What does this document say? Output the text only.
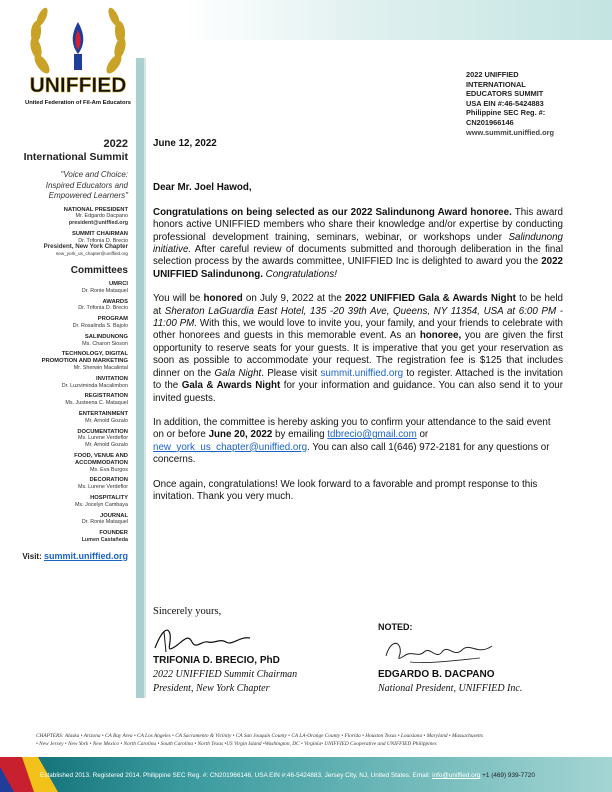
UNIFFIED
United Federation of Fil-Am Educators
2022 UNIFFIED
INTERNATIONAL
EDUCATORS SUMMIT
USA EIN #:46-5424883
Philippine SEC Reg. #:
CN201966146
www.summit.uniffied.org
2022
International Summit
"Voice and Choice:
Inspired Educators and
Empowered Learners"
NATIONAL PRESIDENT
Mr. Edgardo Dacpano
president@uniffied.org
SUMMIT CHAIRMAN
Dr. Trifonia D. Brecio
President, New York Chapter
new_york_us_chapter@uniffied.org
Committees
UMRCI
Dr. Ronie Mataquel
AWARDS
Dr. Trifonia D. Brecio
PROGRAM
Dr. Rosalinda S. Bajolo
SALINDUNONG
Ms. Charon Sioson
TECHNOLOGY, DIGITAL
PROMOTION AND MARKETING
Mr. Sherwin Macalintal
INVITATION
Dr. Luzviminda Macalimbon
REGISTRATION
Ms. Justeena C. Mataquel
ENTERTAINMENT
Mr. Arnold Gozalo
DOCUMENTATION
Ms. Lurene Verdeflor
Mr. Arnold Gozalo
FOOD, VENUE AND
ACCOMMODATION
Ms. Eva Burgos
DECORATION
Ms. Lurene Verdeflor
HOSPITALITY
Ms. Jocelyn Cambaya
JOURNAL
Dr. Ronie Mataquel
FOUNDER
Lumen Castañeda
Visit: summit.uniffied.org

June 12, 2022

Dear Mr. Joel Hawod,

Congratulations on being selected as our 2022 Salindunong Award honoree. This award honors active UNIFFIED members who share their knowledge and/or expertise by conducting professional development training, seminars, webinar, or workshops under Salindunong initiative. After careful review of documents submitted and thorough deliberation in the final selection process by the awards committee, UNIFFIED Inc is delighted to award you the 2022 UNIFFIED Salindunong. Congratulations!

You will be honored on July 9, 2022 at the 2022 UNIFFIED Gala & Awards Night to be held at Sheraton LaGuardia East Hotel, 135 -20 39th Ave, Queens, NY 11354, USA at 6:00 PM - 11:00 PM. With this, we would love to invite you, your family, and your friends to celebrate with other honorees and guests in this memorable event. As an honoree, you are given the first opportunity to reserve seats for your guests. It is imperative that you get your reservation as soon as possible to accommodate your request. The registration fee is $125 that includes dinner on the Gala Night. Please visit summit.uniffied.org to register. Attached is the invitation to the Gala & Awards Night for your information and guidance. You can also send it to your invited guests.

In addition, the committee is hereby asking you to confirm your attendance to the said event on or before June 20, 2022 by emailing tdbrecio@gmail.com or new_york_us_chapter@uniffied.org. You can also call 1(646) 972-2181 for any questions or concerns.

Once again, congratulations! We look forward to a favorable and prompt response to this invitation. Thank you very much.

Sincerely yours,
NOTED:
TRIFONIA D. BRECIO, PhD
2022 UNIFFIED Summit Chairman
President, New York Chapter
EDGARDO B. DACPANO
National President, UNIFFIED Inc.
CHAPTERS: Alaska • Arizona • CA Bay Area • CA Los Angeles • CA Sacramento & Vicinity • CA San Joaquin County • CA LA-Orange County • Florida • Houston Texas • Louisiana • Maryland • Massachusetts
• New Jersey • New York • New Mexico • North Carolina • South Carolina • North Texas •US Virgin Island •Washington, DC • Virginia• UNIFFIED Cooperative and UNIFFIED Philippines
Established 2013. Registered 2014. Philippine SEC Reg. #: CN201966146. USA EIN #:46-5424883. Jersey City, NJ, United States. Email: info@uniffied.org +1 (469) 939-7720
